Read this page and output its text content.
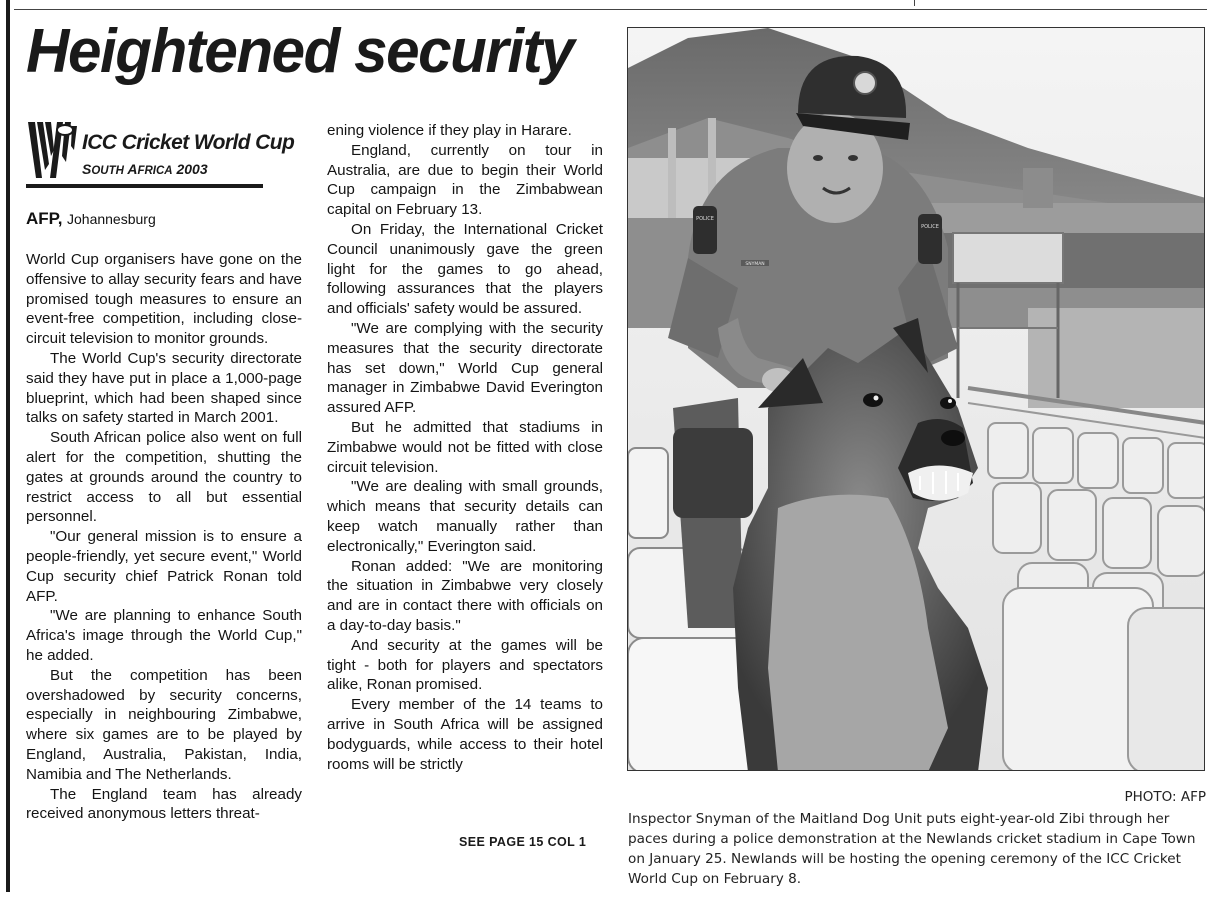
Heightened security
ICC Cricket World Cup
SOUTH AFRICA 2003
AFP, Johannesburg

World Cup organisers have gone on the offensive to allay security fears and have promised tough measures to ensure an event-free competition, including close-circuit television to monitor grounds.

The World Cup's security directorate said they have put in place a 1,000-page blueprint, which had been shaped since talks on safety started in March 2001.

South African police also went on full alert for the competition, shutting the gates at grounds around the country to restrict access to all but essential personnel.

"Our general mission is to ensure a people-friendly, yet secure event," World Cup security chief Patrick Ronan told AFP.

"We are planning to enhance South Africa's image through the World Cup," he added.

But the competition has been overshadowed by security concerns, especially in neighbouring Zimbabwe, where six games are to be played by England, Australia, Pakistan, India, Namibia and The Netherlands.

The England team has already received anonymous letters threat-

ening violence if they play in Harare.

England, currently on tour in Australia, are due to begin their World Cup campaign in the Zimbabwean capital on February 13.

On Friday, the International Cricket Council unanimously gave the green light for the games to go ahead, following assurances that the players and officials' safety would be assured.

"We are complying with the security measures that the security directorate has set down," World Cup general manager in Zimbabwe David Everington assured AFP.

But he admitted that stadiums in Zimbabwe would not be fitted with close circuit television.

"We are dealing with small grounds, which means that security details can keep watch manually rather than electronically," Everington said.

Ronan added: "We are monitoring the situation in Zimbabwe very closely and are in contact there with officials on a day-to-day basis."

And security at the games will be tight - both for players and spectators alike, Ronan promised.

Every member of the 14 teams to arrive in South Africa will be assigned bodyguards, while access to their hotel rooms will be strictly

SEE PAGE 15 COL 1
POLICE
POLICE
SNYMAN
PHOTO: AFP
Inspector Snyman of the Maitland Dog Unit puts eight-year-old Zibi through her paces during a police demonstration at the Newlands cricket stadium in Cape Town on January 25. Newlands will be hosting the opening ceremony of the ICC Cricket World Cup on February 8.
